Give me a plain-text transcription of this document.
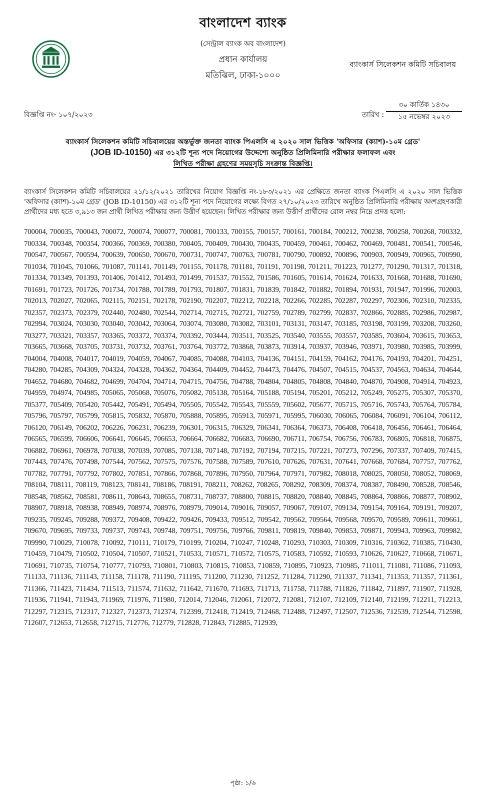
বাংলাদেশ ব্যাংক
(সেন্ট্রাল ব্যাংক অব বাংলাদেশ)
প্রধান কার্যালয়
মতিঝিল, ঢাকা-১০০০
ব্যাংকার্স সিলেকশন কমিটি সচিবালয়
বিজ্ঞপ্তি নং- ১০৭/২০২৩	তারিখ :
৩০ কার্তিক ১৪৩০
১৫ নভেম্বর ২০২৩
ব্যাংকার্স সিলেকশন কমিটি সচিবালয়ের অন্তর্ভুক্ত জনতা ব্যাংক পিএলসি এ ২০২০ সাল ভিত্তিক 'অফিসার (ক্যাশ)-১০ম গ্রেড'
(JOB ID-10150) এর ৩১২টি শূন্য পদে নিয়োগের উদ্দেশ্যে অনুষ্ঠিত প্রিলিমিনারি পরীক্ষার ফলাফল এবং
লিখিত পরীক্ষা গ্রহণের সময়সূচি সংক্রান্ত বিজ্ঞপ্তি।
ব্যাংকার্স সিলেকশন কমিটি সচিবালয়ের ২১/১২/২০২১ তারিখের নিয়োগ বিজ্ঞপ্তি নং-১৮৩/২০২১ এর প্রেক্ষিতে জনতা ব্যাংক পিএলসি এ ২০২০ সাল ভিত্তিক 'অফিসার (ক্যাশ)-১০ম গ্রেড' (JOB ID-10150) এর ৩১২টি শূন্য পদে নিয়োগের লক্ষ্যে বিগত ২৭/১০/২০২৩ তারিখে অনুষ্ঠিত প্রিলিমিনারি পরীক্ষায় অংশগ্রহণকারী প্রার্থীদের মধ্য হতে ৩,৯১৩ জন প্রার্থী লিখিত পরীক্ষার জন্য উত্তীর্ণ হয়েছেন। লিখিত পরীক্ষার জন্য উত্তীর্ণ প্রার্থীদের রোল নম্বর নিম্নে প্রদত্ত হলো:
700004, 700035, 700043, 700072, 700074, 700077, 700081, 700133, 700155, 700157, 700161, 700184, 700212, 700238, 700258, 700268, 700332, 700334, 700348, 700354, 700366, 700369, 700380, 700405, 700409, 700430, 700435, 700459, 700461, 700462, 700469, 700481, 700541, 700546, 700547, 700567, 700594, 700639, 700650, 700670, 700731, 700747, 700763, 700781, 700790, 700892, 700896, 700903, 700949, 700965, 700990, 701034, 701045, 701066, 701087, 701141, 701149, 701155, 701178, 701181, 701191, 701198, 701211, 701223, 701277, 701290, 701317, 701318, 701334, 701349, 701393, 701406, 701412, 701493, 701499, 701537, 701552, 701586, 701605, 701614, 701624, 701633, 701668, 701688, 701690, 701691, 701723, 701726, 701734, 701788, 701789, 701793, 701807, 701831, 701839, 701842, 701882, 701894, 701931, 701947, 701996, 702003, 702013, 702027, 702065, 702115, 702151, 702178, 702190, 702207, 702212, 702218, 702266, 702285, 702287, 702297, 702306, 702310, 702335, 702357, 702373, 702379, 702440, 702480, 702544, 702714, 702715, 702721, 702759, 702789, 702799, 702837, 702866, 702885, 702986, 702987, 702994, 703024, 703030, 703040, 703042, 703064, 703074, 703080, 703082, 703101, 703131, 703147, 703185, 703198, 703199, 703208, 703260, 703277, 703321, 703357, 703365, 703372, 703374, 703392, 703444, 703511, 703525, 703540, 703555, 703557, 703585, 703604, 703615, 703653, 703665, 703668, 703705, 703731, 703732, 703761, 703764, 703772, 703868, 703873, 703914, 703937, 703946, 703971, 703980, 703985, 703999, 704004, 704008, 704017, 704019, 704059, 704067, 704085, 704088, 704103, 704136, 704151, 704159, 704162, 704176, 704193, 704201, 704251, 704280, 704285, 704309, 704324, 704328, 704362, 704364, 704409, 704452, 704473, 704476, 704507, 704515, 704537, 704563, 704634, 704644, 704652, 704680, 704682, 704699, 704704, 704714, 704715, 704756, 704788, 704804, 704805, 704808, 704840, 704870, 704908, 704914, 704923, 704959, 704974, 704985, 705065, 705068, 705076, 705082, 705138, 705164, 705188, 705194, 705201, 705212, 705249, 705275, 705307, 705370, 705377, 705409, 705420, 705442, 705491, 705494, 705505, 705542, 705543, 705559, 705602, 705677, 705715, 705716, 705743, 705764, 705784, 705796, 705797, 705799, 705815, 705832, 705870, 705888, 705895, 705913, 705971, 705995, 706030, 706065, 706084, 706091, 706104, 706112, 706120, 706149, 706202, 706226, 706231, 706239, 706301, 706315, 706329, 706341, 706364, 706373, 706408, 706418, 706456, 706461, 706464, 706565, 706599, 706606, 706641, 706645, 706653, 706664, 706682, 706683, 706690, 706711, 706754, 706756, 706783, 706805, 706818, 706875, 706882, 706961, 706978, 707038, 707039, 707085, 707138, 707148, 707192, 707194, 707215, 707221, 707273, 707296, 707337, 707409, 707415, 707443, 707476, 707498, 707544, 707562, 707575, 707576, 707588, 707589, 707610, 707626, 707631, 707641, 707668, 707684, 707757, 707762, 707782, 707791, 707792, 707802, 707851, 707866, 707868, 707896, 707950, 707964, 707971, 707982, 708018, 708025, 708050, 708052, 708069, 708104, 708111, 708119, 708123, 708141, 708186, 708191, 708211, 708262, 708265, 708292, 708309, 708374, 708387, 708490, 708528, 708546, 708548, 708562, 708581, 708611, 708643, 708655, 708731, 708737, 708800, 708815, 708820, 708840, 708845, 708864, 708866, 708877, 708902, 708907, 708918, 708938, 708949, 708974, 708976, 708979, 709014, 709016, 709057, 709067, 709107, 709134, 709154, 709164, 709191, 709207, 709235, 709245, 709288, 709372, 709408, 709422, 709426, 709433, 709512, 709542, 709562, 709564, 709568, 709570, 709589, 709611, 709661, 709670, 709695, 709733, 709737, 709743, 709748, 709751, 709756, 709766, 709811, 709819, 709840, 709853, 709871, 709943, 709963, 709982, 709990, 710029, 710078, 710092, 710111, 710179, 710199, 710204, 710247, 710248, 710293, 710303, 710309, 710316, 710362, 710385, 710430, 710459, 710479, 710502, 710504, 710507, 710521, 710533, 710571, 710572, 710575, 710583, 710592, 710593, 710626, 710627, 710668, 710671, 710691, 710735, 710754, 710777, 710793, 710801, 710803, 710815, 710853, 710859, 710895, 710923, 710985, 711011, 711081, 711086, 711093, 711133, 711136, 711143, 711158, 711178, 711190, 711195, 711200, 711230, 711252, 711284, 711290, 711337, 711341, 711353, 711357, 711361, 711366, 711423, 711434, 711513, 711574, 711632, 711642, 711670, 711693, 711713, 711758, 711788, 711826, 711842, 711897, 711907, 711928, 711936, 711941, 711943, 711969, 711976, 711980, 712014, 712046, 712061, 712072, 712081, 712107, 712109, 712140, 712199, 712211, 712213, 712297, 712315, 712317, 712327, 712373, 712374, 712399, 712418, 712419, 712468, 712488, 712497, 712507, 712536, 712539, 712544, 712598, 712607, 712653, 712658, 712715, 712776, 712779, 712828, 712843, 712885, 712939,
পৃষ্ঠা: ১/৬
